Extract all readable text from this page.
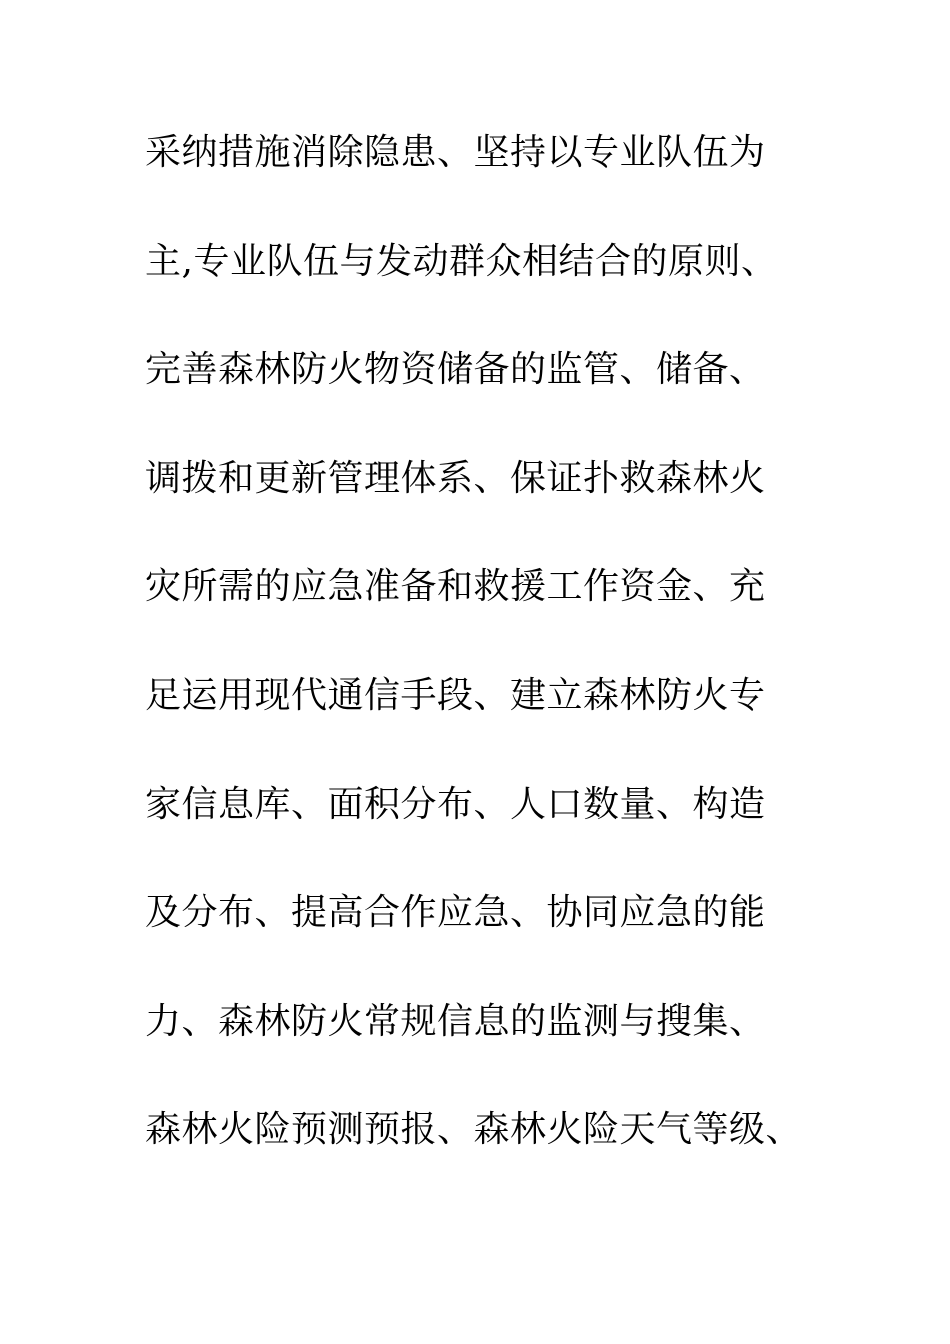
采纳措施消除隐患、坚持以专业队伍为
主,专业队伍与发动群众相结合的原则、
完善森林防火物资储备的监管、储备、
调拨和更新管理体系、保证扑救森林火
灾所需的应急准备和救援工作资金、充
足运用现代通信手段、建立森林防火专
家信息库、面积分布、人口数量、构造
及分布、提高合作应急、协同应急的能
力、森林防火常规信息的监测与搜集、
森林火险预测预报、森林火险天气等级、
